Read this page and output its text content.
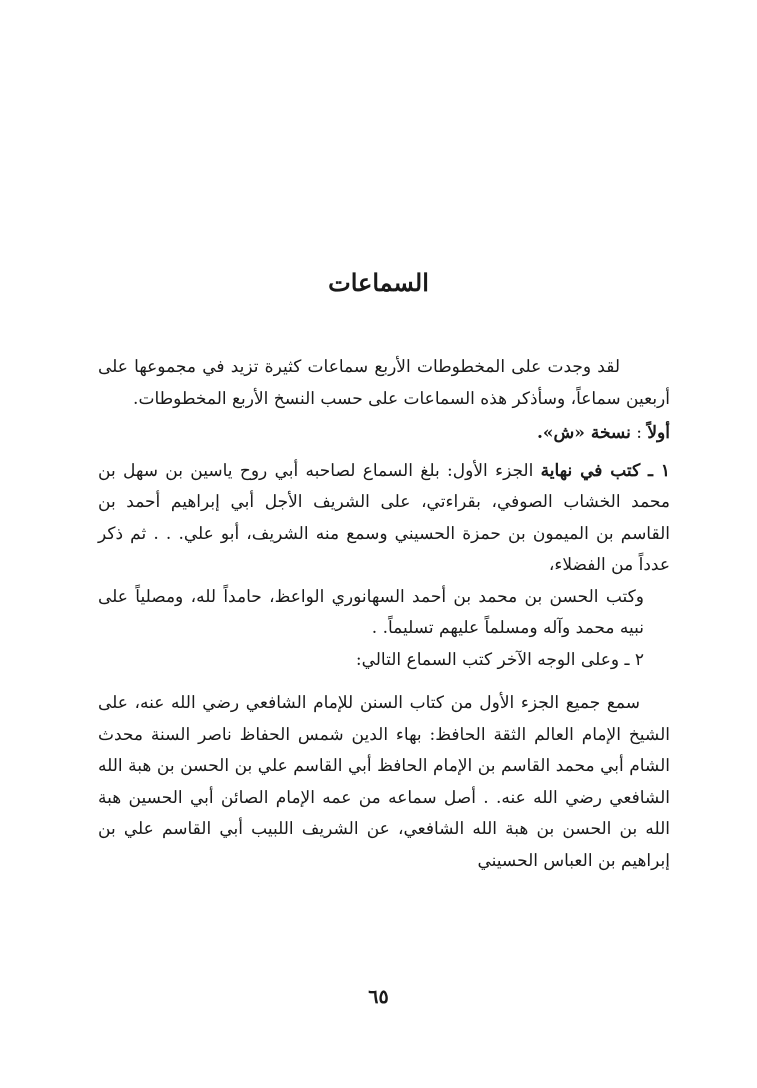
السماعات

لقد وجدت على المخطوطات الأربع سماعات كثيرة تزيد في مجموعها على أربعين سماعاً، وسأذكر هذه السماعات على حسب النسخ الأربع المخطوطات.

أولاً : نسخة «ش».

١ ـ كتب في نهاية الجزء الأول: بلغ السماع لصاحبه أبي روح ياسين بن سهل بن محمد الخشاب الصوفي، بقراءتي، على الشريف الأجل أبي إبراهيم أحمد بن القاسم بن الميمون بن حمزة الحسيني وسمع منه الشريف، أبو علي. . . ثم ذكر عدداً من الفضلاء،

وكتب الحسن بن محمد بن أحمد السهانوري الواعظ، حامداً لله، ومصلياً على نبيه محمد وآله ومسلماً عليهم تسليماً. .

٢ ـ وعلى الوجه الآخر كتب السماع التالي:

سمع جميع الجزء الأول من كتاب السنن للإمام الشافعي رضي الله عنه، على الشيخ الإمام العالم الثقة الحافظ: بهاء الدين شمس الحفاظ ناصر السنة محدث الشام أبي محمد القاسم بن الإمام الحافظ أبي القاسم علي بن الحسن بن هبة الله الشافعي رضي الله عنه. . أصل سماعه من عمه الإمام الصائن أبي الحسين هبة الله بن الحسن بن هبة الله الشافعي، عن الشريف اللبيب أبي القاسم علي بن إبراهيم بن العباس الحسيني

٦٥
